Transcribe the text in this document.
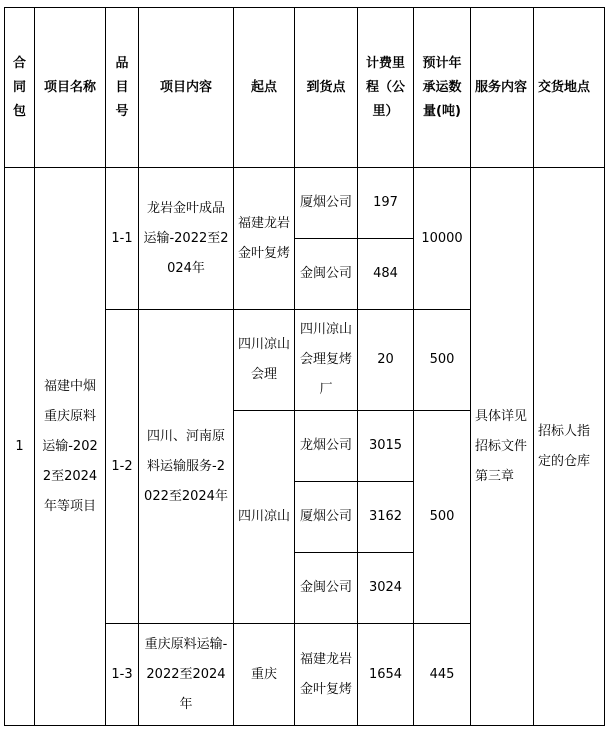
合同包	项目名称	品目号	项目内容	起点	到货点	计费里程（公里）	预计年承运数量(吨)	服务内容	交货地点
1	福建中烟重庆原料运输-2022至2024年等项目	1-1	龙岩金叶成品运输-2022至2024年	福建龙岩金叶复烤	厦烟公司	197	10000	具体详见招标文件第三章	招标人指定的仓库
					金闽公司	484			
		1-2	四川、河南原料运输服务-2022至2024年	四川凉山会理	四川凉山会理复烤厂	20	500		
				四川凉山	龙烟公司	3015	500		
					厦烟公司	3162			
					金闽公司	3024			
		1-3	重庆原料运输-2022至2024年	重庆	福建龙岩金叶复烤	1654	445		
